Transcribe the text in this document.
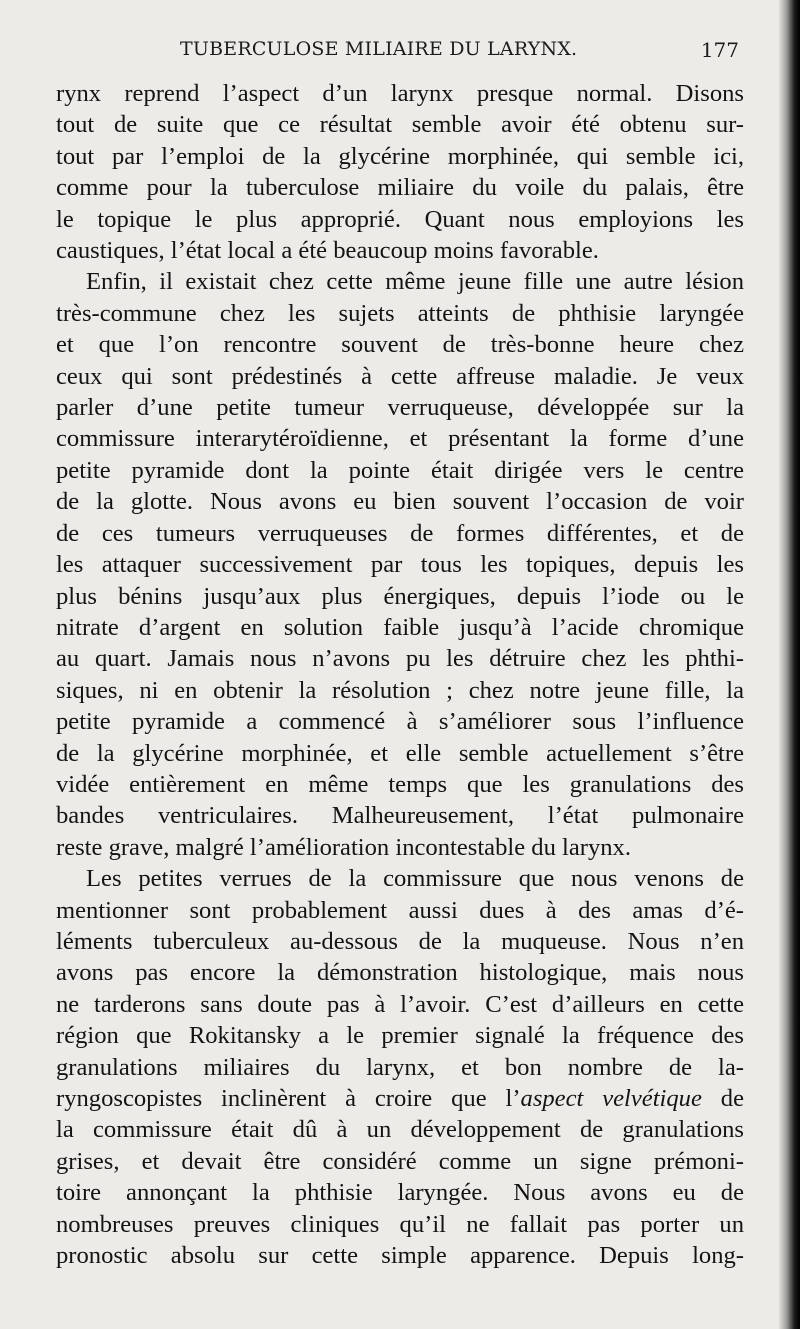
TUBERCULOSE MILIAIRE DU LARYNX.	177
rynx reprend l’aspect d’un larynx presque normal. Disons
tout de suite que ce résultat semble avoir été obtenu sur-
tout par l’emploi de la glycérine morphinée, qui semble ici,
comme pour la tuberculose miliaire du voile du palais, être
le topique le plus approprié. Quant nous employions les
caustiques, l’état local a été beaucoup moins favorable.
Enfin, il existait chez cette même jeune fille une autre lésion
très-commune chez les sujets atteints de phthisie laryngée
et que l’on rencontre souvent de très-bonne heure chez
ceux qui sont prédestinés à cette affreuse maladie. Je veux
parler d’une petite tumeur verruqueuse, développée sur la
commissure interarytéroïdienne, et présentant la forme d’une
petite pyramide dont la pointe était dirigée vers le centre
de la glotte. Nous avons eu bien souvent l’occasion de voir
de ces tumeurs verruqueuses de formes différentes, et de
les attaquer successivement par tous les topiques, depuis les
plus bénins jusqu’aux plus énergiques, depuis l’iode ou le
nitrate d’argent en solution faible jusqu’à l’acide chromique
au quart. Jamais nous n’avons pu les détruire chez les phthi-
siques, ni en obtenir la résolution ; chez notre jeune fille, la
petite pyramide a commencé à s’améliorer sous l’influence
de la glycérine morphinée, et elle semble actuellement s’être
vidée entièrement en même temps que les granulations des
bandes ventriculaires. Malheureusement, l’état pulmonaire
reste grave, malgré l’amélioration incontestable du larynx.
Les petites verrues de la commissure que nous venons de
mentionner sont probablement aussi dues à des amas d’é-
léments tuberculeux au-dessous de la muqueuse. Nous n’en
avons pas encore la démonstration histologique, mais nous
ne tarderons sans doute pas à l’avoir. C’est d’ailleurs en cette
région que Rokitansky a le premier signalé la fréquence des
granulations miliaires du larynx, et bon nombre de la-
ryngoscopistes inclinèrent à croire que l’aspect velvétique de
la commissure était dû à un développement de granulations
grises, et devait être considéré comme un signe prémoni-
toire annonçant la phthisie laryngée. Nous avons eu de
nombreuses preuves cliniques qu’il ne fallait pas porter un
pronostic absolu sur cette simple apparence. Depuis long-
